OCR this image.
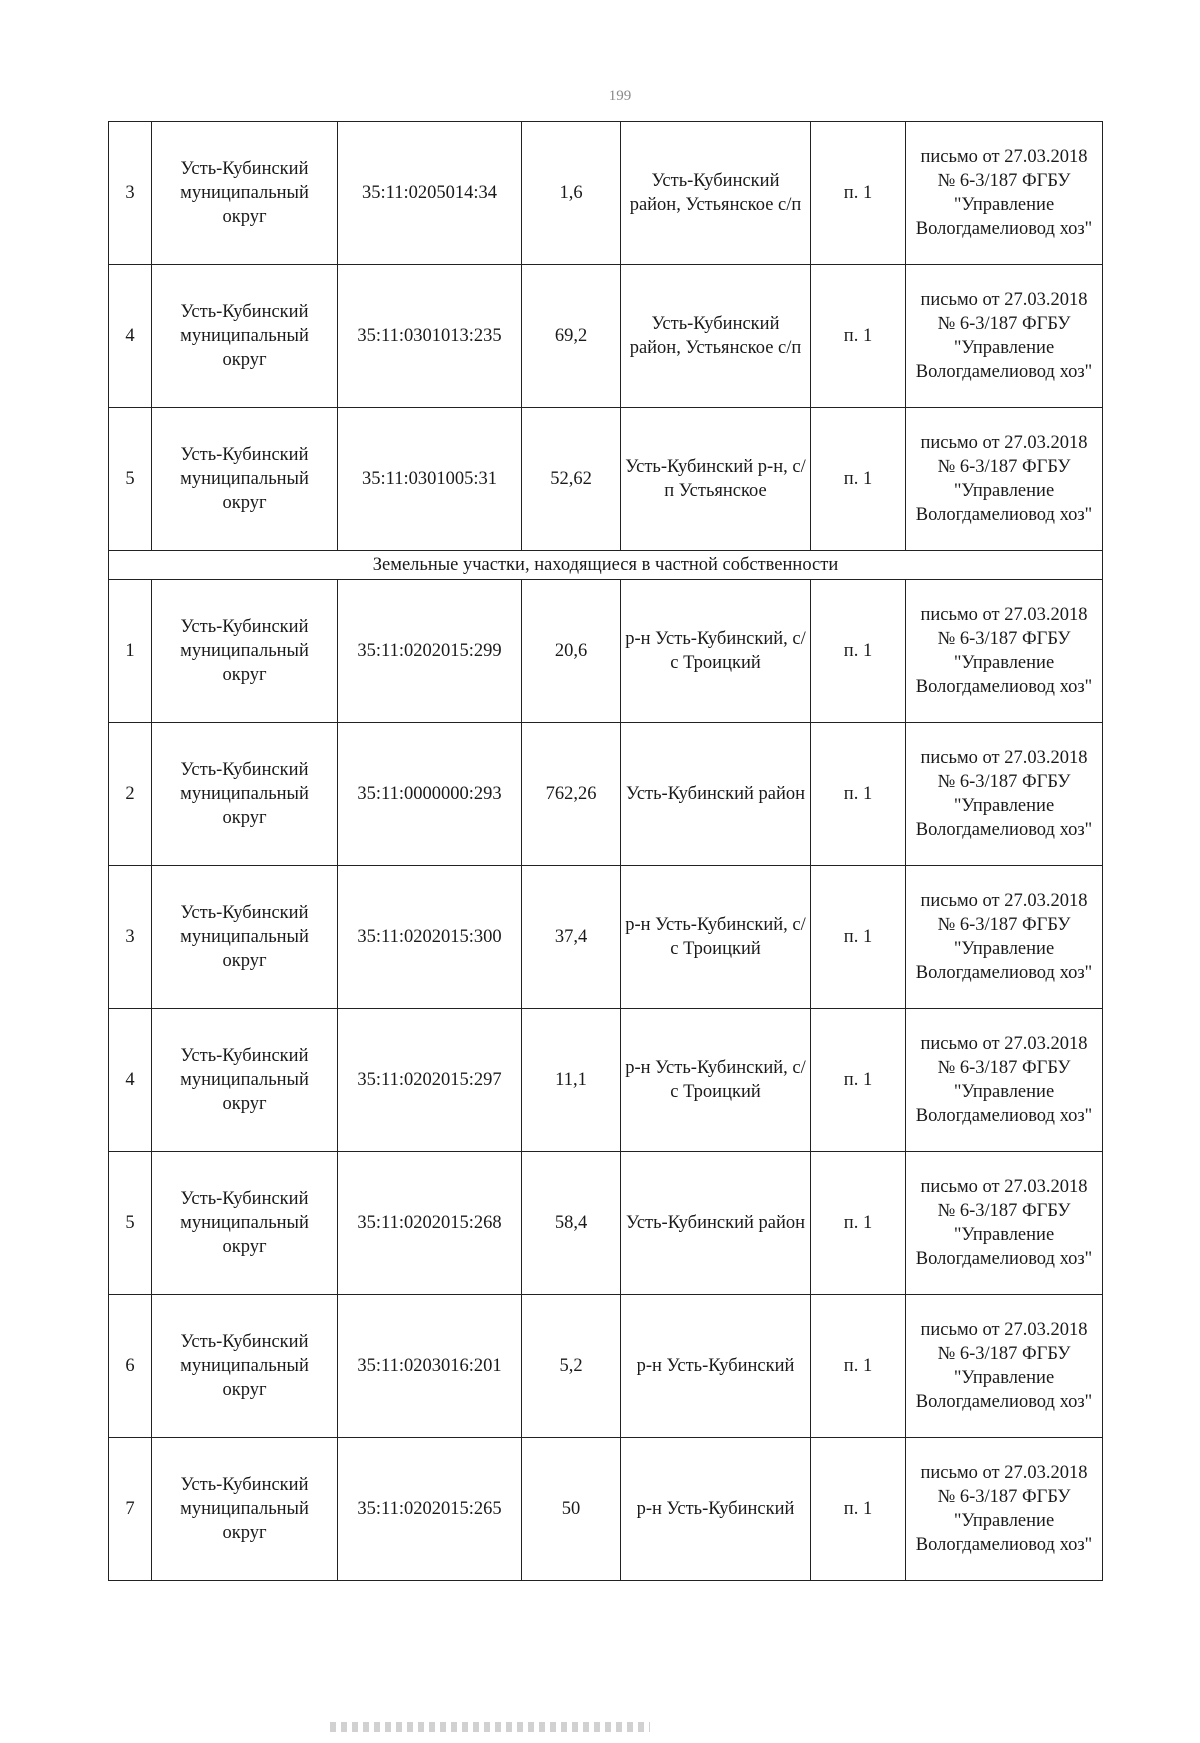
199
3	Усть-Кубинский муниципальный округ	35:11:0205014:34	1,6	Усть-Кубинский район, Устьянское с/п	п. 1	письмо от 27.03.2018 № 6-3/187 ФГБУ "Управление Вологдамелиовод хоз"
4	Усть-Кубинский муниципальный округ	35:11:0301013:235	69,2	Усть-Кубинский район, Устьянское с/п	п. 1	письмо от 27.03.2018 № 6-3/187 ФГБУ "Управление Вологдамелиовод хоз"
5	Усть-Кубинский муниципальный округ	35:11:0301005:31	52,62	Усть-Кубинский р-н, с/п Устьянское	п. 1	письмо от 27.03.2018 № 6-3/187 ФГБУ "Управление Вологдамелиовод хоз"
Земельные участки, находящиеся в частной собственности						
1	Усть-Кубинский муниципальный округ	35:11:0202015:299	20,6	р-н Усть-Кубинский, с/с Троицкий	п. 1	письмо от 27.03.2018 № 6-3/187 ФГБУ "Управление Вологдамелиовод хоз"
2	Усть-Кубинский муниципальный округ	35:11:0000000:293	762,26	Усть-Кубинский район	п. 1	письмо от 27.03.2018 № 6-3/187 ФГБУ "Управление Вологдамелиовод хоз"
3	Усть-Кубинский муниципальный округ	35:11:0202015:300	37,4	р-н Усть-Кубинский, с/с Троицкий	п. 1	письмо от 27.03.2018 № 6-3/187 ФГБУ "Управление Вологдамелиовод хоз"
4	Усть-Кубинский муниципальный округ	35:11:0202015:297	11,1	р-н Усть-Кубинский, с/с Троицкий	п. 1	письмо от 27.03.2018 № 6-3/187 ФГБУ "Управление Вологдамелиовод хоз"
5	Усть-Кубинский муниципальный округ	35:11:0202015:268	58,4	Усть-Кубинский район	п. 1	письмо от 27.03.2018 № 6-3/187 ФГБУ "Управление Вологдамелиовод хоз"
6	Усть-Кубинский муниципальный округ	35:11:0203016:201	5,2	р-н Усть-Кубинский	п. 1	письмо от 27.03.2018 № 6-3/187 ФГБУ "Управление Вологдамелиовод хоз"
7	Усть-Кубинский муниципальный округ	35:11:0202015:265	50	р-н Усть-Кубинский	п. 1	письмо от 27.03.2018 № 6-3/187 ФГБУ "Управление Вологдамелиовод хоз"
